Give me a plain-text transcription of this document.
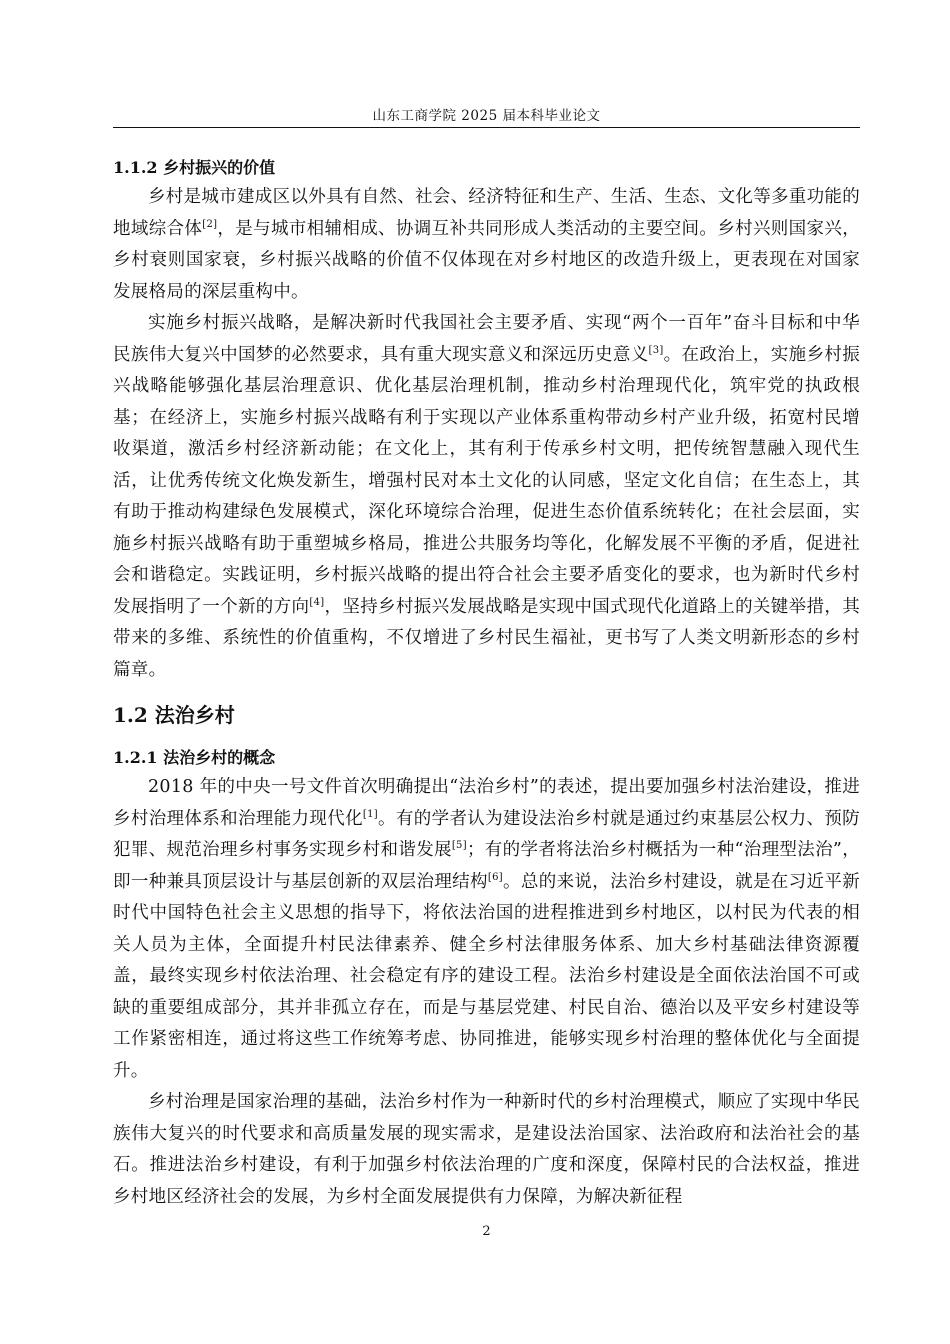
山东工商学院 2025 届本科毕业论文
1.1.2 乡村振兴的价值

乡村是城市建成区以外具有自然、社会、经济特征和生产、生活、生态、文化等多重功能的地域综合体[2]，是与城市相辅相成、协调互补共同形成人类活动的主要空间。乡村兴则国家兴，乡村衰则国家衰，乡村振兴战略的价值不仅体现在对乡村地区的改造升级上，更表现在对国家发展格局的深层重构中。

实施乡村振兴战略，是解决新时代我国社会主要矛盾、实现“两个一百年”奋斗目标和中华民族伟大复兴中国梦的必然要求，具有重大现实意义和深远历史意义[3]。在政治上，实施乡村振兴战略能够强化基层治理意识、优化基层治理机制，推动乡村治理现代化，筑牢党的执政根基；在经济上，实施乡村振兴战略有利于实现以产业体系重构带动乡村产业升级，拓宽村民增收渠道，激活乡村经济新动能；在文化上，其有利于传承乡村文明，把传统智慧融入现代生活，让优秀传统文化焕发新生，增强村民对本土文化的认同感，坚定文化自信；在生态上，其有助于推动构建绿色发展模式，深化环境综合治理，促进生态价值系统转化；在社会层面，实施乡村振兴战略有助于重塑城乡格局，推进公共服务均等化，化解发展不平衡的矛盾，促进社会和谐稳定。实践证明，乡村振兴战略的提出符合社会主要矛盾变化的要求，也为新时代乡村发展指明了一个新的方向[4]，坚持乡村振兴发展战略是实现中国式现代化道路上的关键举措，其带来的多维、系统性的价值重构，不仅增进了乡村民生福祉，更书写了人类文明新形态的乡村篇章。

1.2 法治乡村
1.2.1 法治乡村的概念

2018 年的中央一号文件首次明确提出“法治乡村”的表述，提出要加强乡村法治建设，推进乡村治理体系和治理能力现代化[1]。有的学者认为建设法治乡村就是通过约束基层公权力、预防犯罪、规范治理乡村事务实现乡村和谐发展[5]；有的学者将法治乡村概括为一种“治理型法治”，即一种兼具顶层设计与基层创新的双层治理结构[6]。总的来说，法治乡村建设，就是在习近平新时代中国特色社会主义思想的指导下，将依法治国的进程推进到乡村地区，以村民为代表的相关人员为主体，全面提升村民法律素养、健全乡村法律服务体系、加大乡村基础法律资源覆盖，最终实现乡村依法治理、社会稳定有序的建设工程。法治乡村建设是全面依法治国不可或缺的重要组成部分，其并非孤立存在，而是与基层党建、村民自治、德治以及平安乡村建设等工作紧密相连，通过将这些工作统筹考虑、协同推进，能够实现乡村治理的整体优化与全面提升。

乡村治理是国家治理的基础，法治乡村作为一种新时代的乡村治理模式，顺应了实现中华民族伟大复兴的时代要求和高质量发展的现实需求，是建设法治国家、法治政府和法治社会的基石。推进法治乡村建设，有利于加强乡村依法治理的广度和深度，保障村民的合法权益，推进乡村地区经济社会的发展，为乡村全面发展提供有力保障，为解决新征程

2
